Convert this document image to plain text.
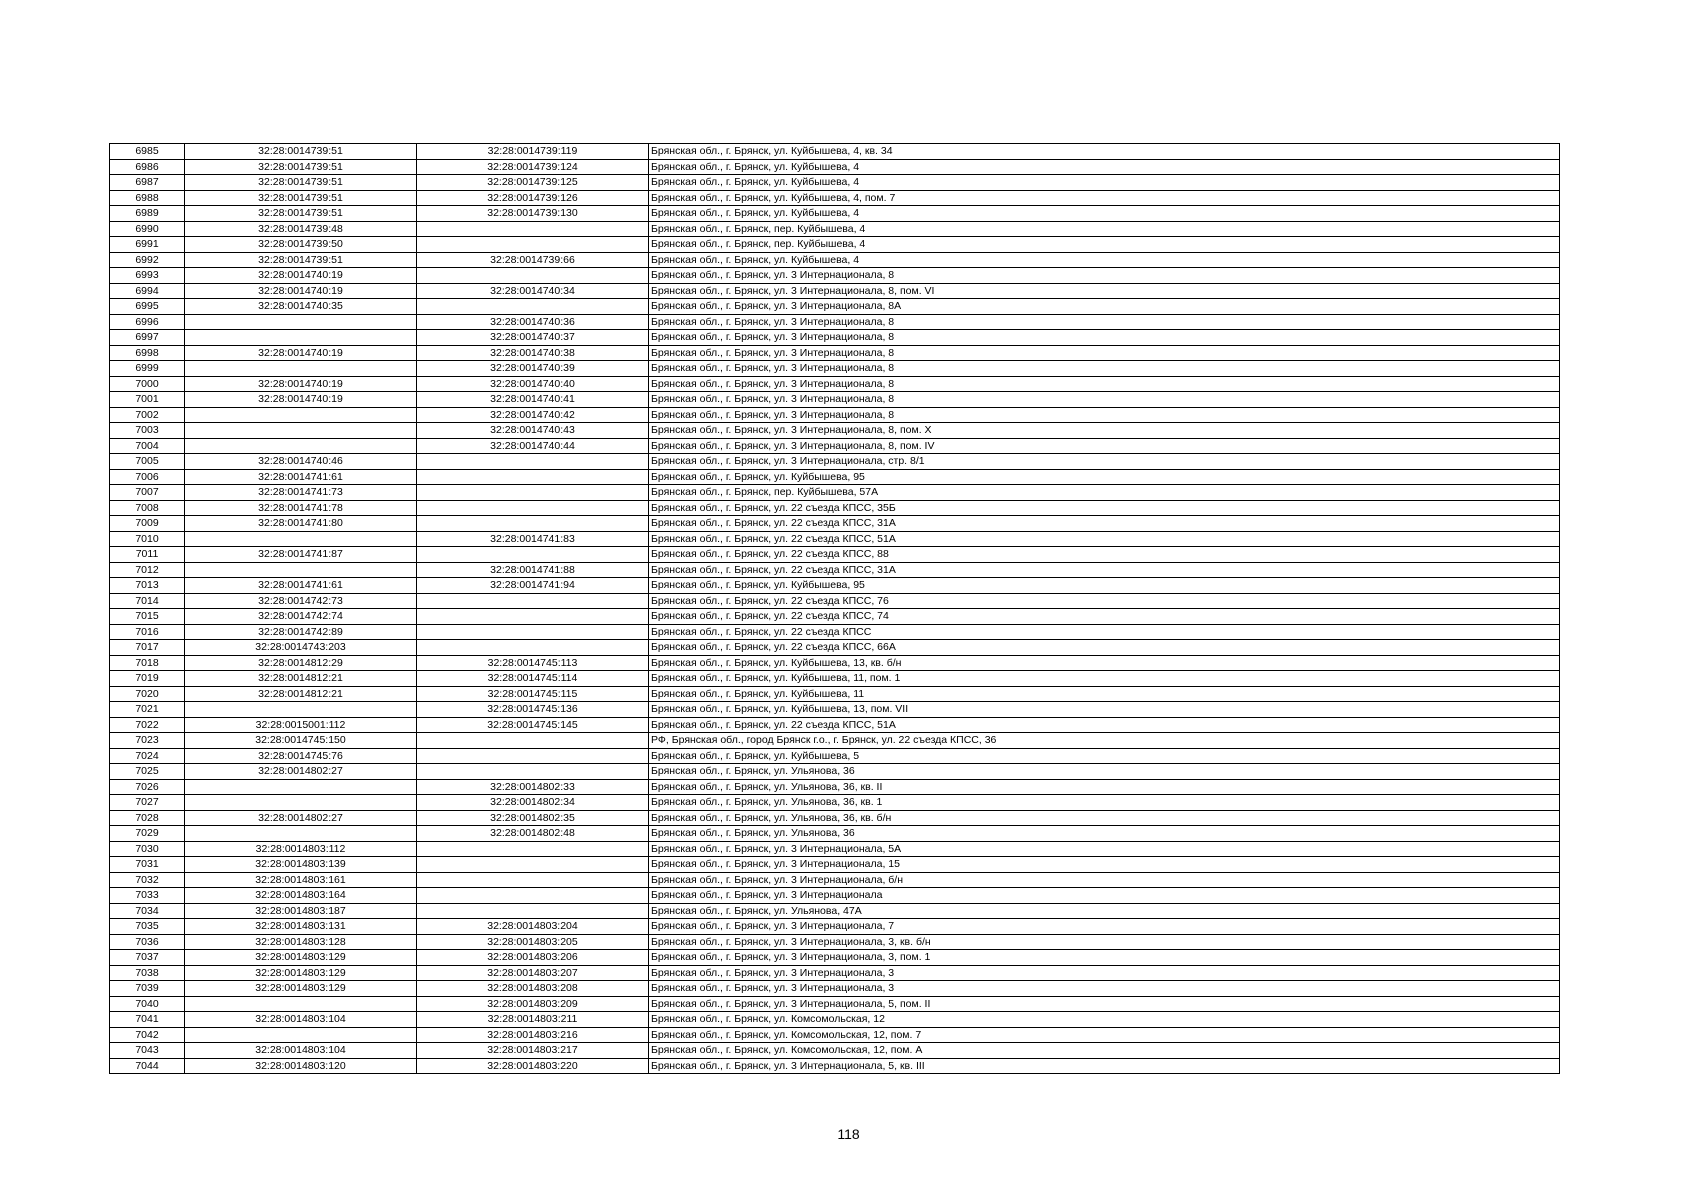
6985	32:28:0014739:51	32:28:0014739:119	Брянская обл., г. Брянск, ул. Куйбышева, 4, кв. 34
6986	32:28:0014739:51	32:28:0014739:124	Брянская обл., г. Брянск, ул. Куйбышева, 4
6987	32:28:0014739:51	32:28:0014739:125	Брянская обл., г. Брянск, ул. Куйбышева, 4
6988	32:28:0014739:51	32:28:0014739:126	Брянская обл., г. Брянск, ул. Куйбышева, 4, пом. 7
6989	32:28:0014739:51	32:28:0014739:130	Брянская обл., г. Брянск, ул. Куйбышева, 4
6990	32:28:0014739:48		Брянская обл., г. Брянск, пер. Куйбышева, 4
6991	32:28:0014739:50		Брянская обл., г. Брянск, пер. Куйбышева, 4
6992	32:28:0014739:51	32:28:0014739:66	Брянская обл., г. Брянск, ул. Куйбышева, 4
6993	32:28:0014740:19		Брянская обл., г. Брянск, ул. 3 Интернационала, 8
6994	32:28:0014740:19	32:28:0014740:34	Брянская обл., г. Брянск, ул. 3 Интернационала, 8, пом. VI
6995	32:28:0014740:35		Брянская обл., г. Брянск, ул. 3 Интернационала, 8А
6996		32:28:0014740:36	Брянская обл., г. Брянск, ул. 3 Интернационала, 8
6997		32:28:0014740:37	Брянская обл., г. Брянск, ул. 3 Интернационала, 8
6998	32:28:0014740:19	32:28:0014740:38	Брянская обл., г. Брянск, ул. 3 Интернационала, 8
6999		32:28:0014740:39	Брянская обл., г. Брянск, ул. 3 Интернационала, 8
7000	32:28:0014740:19	32:28:0014740:40	Брянская обл., г. Брянск, ул. 3 Интернационала, 8
7001	32:28:0014740:19	32:28:0014740:41	Брянская обл., г. Брянск, ул. 3 Интернационала, 8
7002		32:28:0014740:42	Брянская обл., г. Брянск, ул. 3 Интернационала, 8
7003		32:28:0014740:43	Брянская обл., г. Брянск, ул. 3 Интернационала, 8, пом. X
7004		32:28:0014740:44	Брянская обл., г. Брянск, ул. 3 Интернационала, 8, пом. IV
7005	32:28:0014740:46		Брянская обл., г. Брянск, ул. 3 Интернационала, стр. 8/1
7006	32:28:0014741:61		Брянская обл., г. Брянск, ул. Куйбышева, 95
7007	32:28:0014741:73		Брянская обл., г. Брянск, пер. Куйбышева, 57А
7008	32:28:0014741:78		Брянская обл., г. Брянск, ул. 22 съезда КПСС, 35Б
7009	32:28:0014741:80		Брянская обл., г. Брянск, ул. 22 съезда КПСС, 31А
7010		32:28:0014741:83	Брянская обл., г. Брянск, ул. 22 съезда КПСС, 51А
7011	32:28:0014741:87		Брянская обл., г. Брянск, ул. 22 съезда КПСС, 88
7012		32:28:0014741:88	Брянская обл., г. Брянск, ул. 22 съезда КПСС, 31А
7013	32:28:0014741:61	32:28:0014741:94	Брянская обл., г. Брянск, ул. Куйбышева, 95
7014	32:28:0014742:73		Брянская обл., г. Брянск, ул. 22 съезда КПСС, 76
7015	32:28:0014742:74		Брянская обл., г. Брянск, ул. 22 съезда КПСС, 74
7016	32:28:0014742:89		Брянская обл., г. Брянск, ул. 22 съезда КПСС
7017	32:28:0014743:203		Брянская обл., г. Брянск, ул. 22 съезда КПСС, 66А
7018	32:28:0014812:29	32:28:0014745:113	Брянская обл., г. Брянск, ул. Куйбышева, 13, кв. б/н
7019	32:28:0014812:21	32:28:0014745:114	Брянская обл., г. Брянск, ул. Куйбышева, 11, пом. 1
7020	32:28:0014812:21	32:28:0014745:115	Брянская обл., г. Брянск, ул. Куйбышева, 11
7021		32:28:0014745:136	Брянская обл., г. Брянск, ул. Куйбышева, 13, пом. VII
7022	32:28:0015001:112	32:28:0014745:145	Брянская обл., г. Брянск, ул. 22 съезда КПСС, 51А
7023	32:28:0014745:150		РФ, Брянская обл., город Брянск г.о., г. Брянск, ул. 22 съезда КПСС, 36
7024	32:28:0014745:76		Брянская обл., г. Брянск, ул. Куйбышева, 5
7025	32:28:0014802:27		Брянская обл., г. Брянск, ул. Ульянова, 36
7026		32:28:0014802:33	Брянская обл., г. Брянск, ул. Ульянова, 36, кв. II
7027		32:28:0014802:34	Брянская обл., г. Брянск, ул. Ульянова, 36, кв. 1
7028	32:28:0014802:27	32:28:0014802:35	Брянская обл., г. Брянск, ул. Ульянова, 36, кв. б/н
7029		32:28:0014802:48	Брянская обл., г. Брянск, ул. Ульянова, 36
7030	32:28:0014803:112		Брянская обл., г. Брянск, ул. 3 Интернационала, 5А
7031	32:28:0014803:139		Брянская обл., г. Брянск, ул. 3 Интернационала, 15
7032	32:28:0014803:161		Брянская обл., г. Брянск, ул. 3 Интернационала, б/н
7033	32:28:0014803:164		Брянская обл., г. Брянск, ул. 3 Интернационала
7034	32:28:0014803:187		Брянская обл., г. Брянск, ул. Ульянова, 47А
7035	32:28:0014803:131	32:28:0014803:204	Брянская обл., г. Брянск, ул. 3 Интернационала, 7
7036	32:28:0014803:128	32:28:0014803:205	Брянская обл., г. Брянск, ул. 3 Интернационала, 3, кв. б/н
7037	32:28:0014803:129	32:28:0014803:206	Брянская обл., г. Брянск, ул. 3 Интернационала, 3, пом. 1
7038	32:28:0014803:129	32:28:0014803:207	Брянская обл., г. Брянск, ул. 3 Интернационала, 3
7039	32:28:0014803:129	32:28:0014803:208	Брянская обл., г. Брянск, ул. 3 Интернационала, 3
7040		32:28:0014803:209	Брянская обл., г. Брянск, ул. 3 Интернационала, 5, пом. II
7041	32:28:0014803:104	32:28:0014803:211	Брянская обл., г. Брянск, ул. Комсомольская, 12
7042		32:28:0014803:216	Брянская обл., г. Брянск, ул. Комсомольская, 12, пом. 7
7043	32:28:0014803:104	32:28:0014803:217	Брянская обл., г. Брянск, ул. Комсомольская, 12, пом. А
7044	32:28:0014803:120	32:28:0014803:220	Брянская обл., г. Брянск, ул. 3 Интернационала, 5, кв. III
118
